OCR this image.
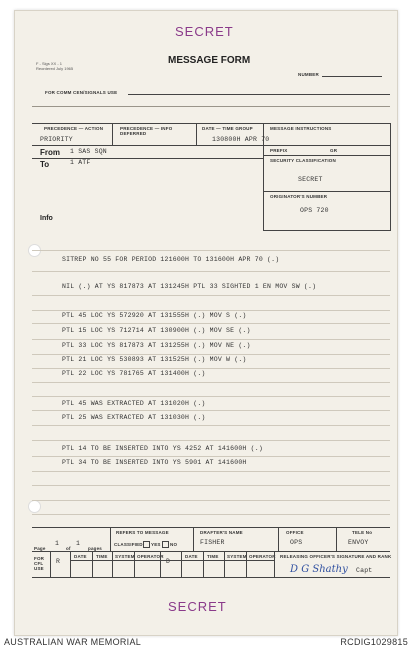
SECRET
F - Sigs XX - 1
Reordered July 1965
MESSAGE FORM
NUMBER
FOR COMM CEN/SIGNALS USE
PRECEDENCE — ACTION
PRIORITY
PRECEDENCE — INFO DEFERRED
DATE — TIME GROUP
130800H APR 70
MESSAGE INSTRUCTIONS
From 1 SAS SQN
To	1 ATF
Info
PREFIX	GR
SECURITY CLASSIFICATION
SECRET
ORIGINATOR'S NUMBER
OPS 720
SITREP NO 55 FOR PERIOD 121600H TO 131600H APR 70 (.)
NIL (.) AT YS 817873 AT 131245H PTL 33 SIGHTED 1 EN MOV SW (.)
PTL 45 LOC YS 572920 AT 131555H (.) MOV S (.)
PTL 15 LOC YS 712714 AT 130900H (.) MOV SE (.)
PTL 33 LOC YS 817873 AT 131255H (.) MOV NE (.)
PTL 21 LOC YS 530893 AT 131525H (.) MOV W (.)
PTL 22 LOC YS 781765 AT 131400H (.)
PTL 45 WAS EXTRACTED AT 131020H (.)
PTL 25 WAS EXTRACTED AT 131030H (.)
PTL 14 TO BE INSERTED INTO YS 4252 AT 141600H (.)
PTL 34 TO BE INSERTED INTO YS 5901 AT 141600H
Page
1
of
1
pages
REFERS TO MESSAGE
CLASSIFIED YES NO
DRAFTER'S NAME
FISHER
OFFICE
OPS
TELE No
ENVOY
FOR CFL USE
R
DATE TIME SYSTEM OPERATOR
D
DATE TIME SYSTEM OPERATOR RELEASING OFFICER'S SIGNATURE AND RANK
D G Shathy Capt
SECRET
AUSTRALIAN WAR MEMORIAL	RCDIG1029815
